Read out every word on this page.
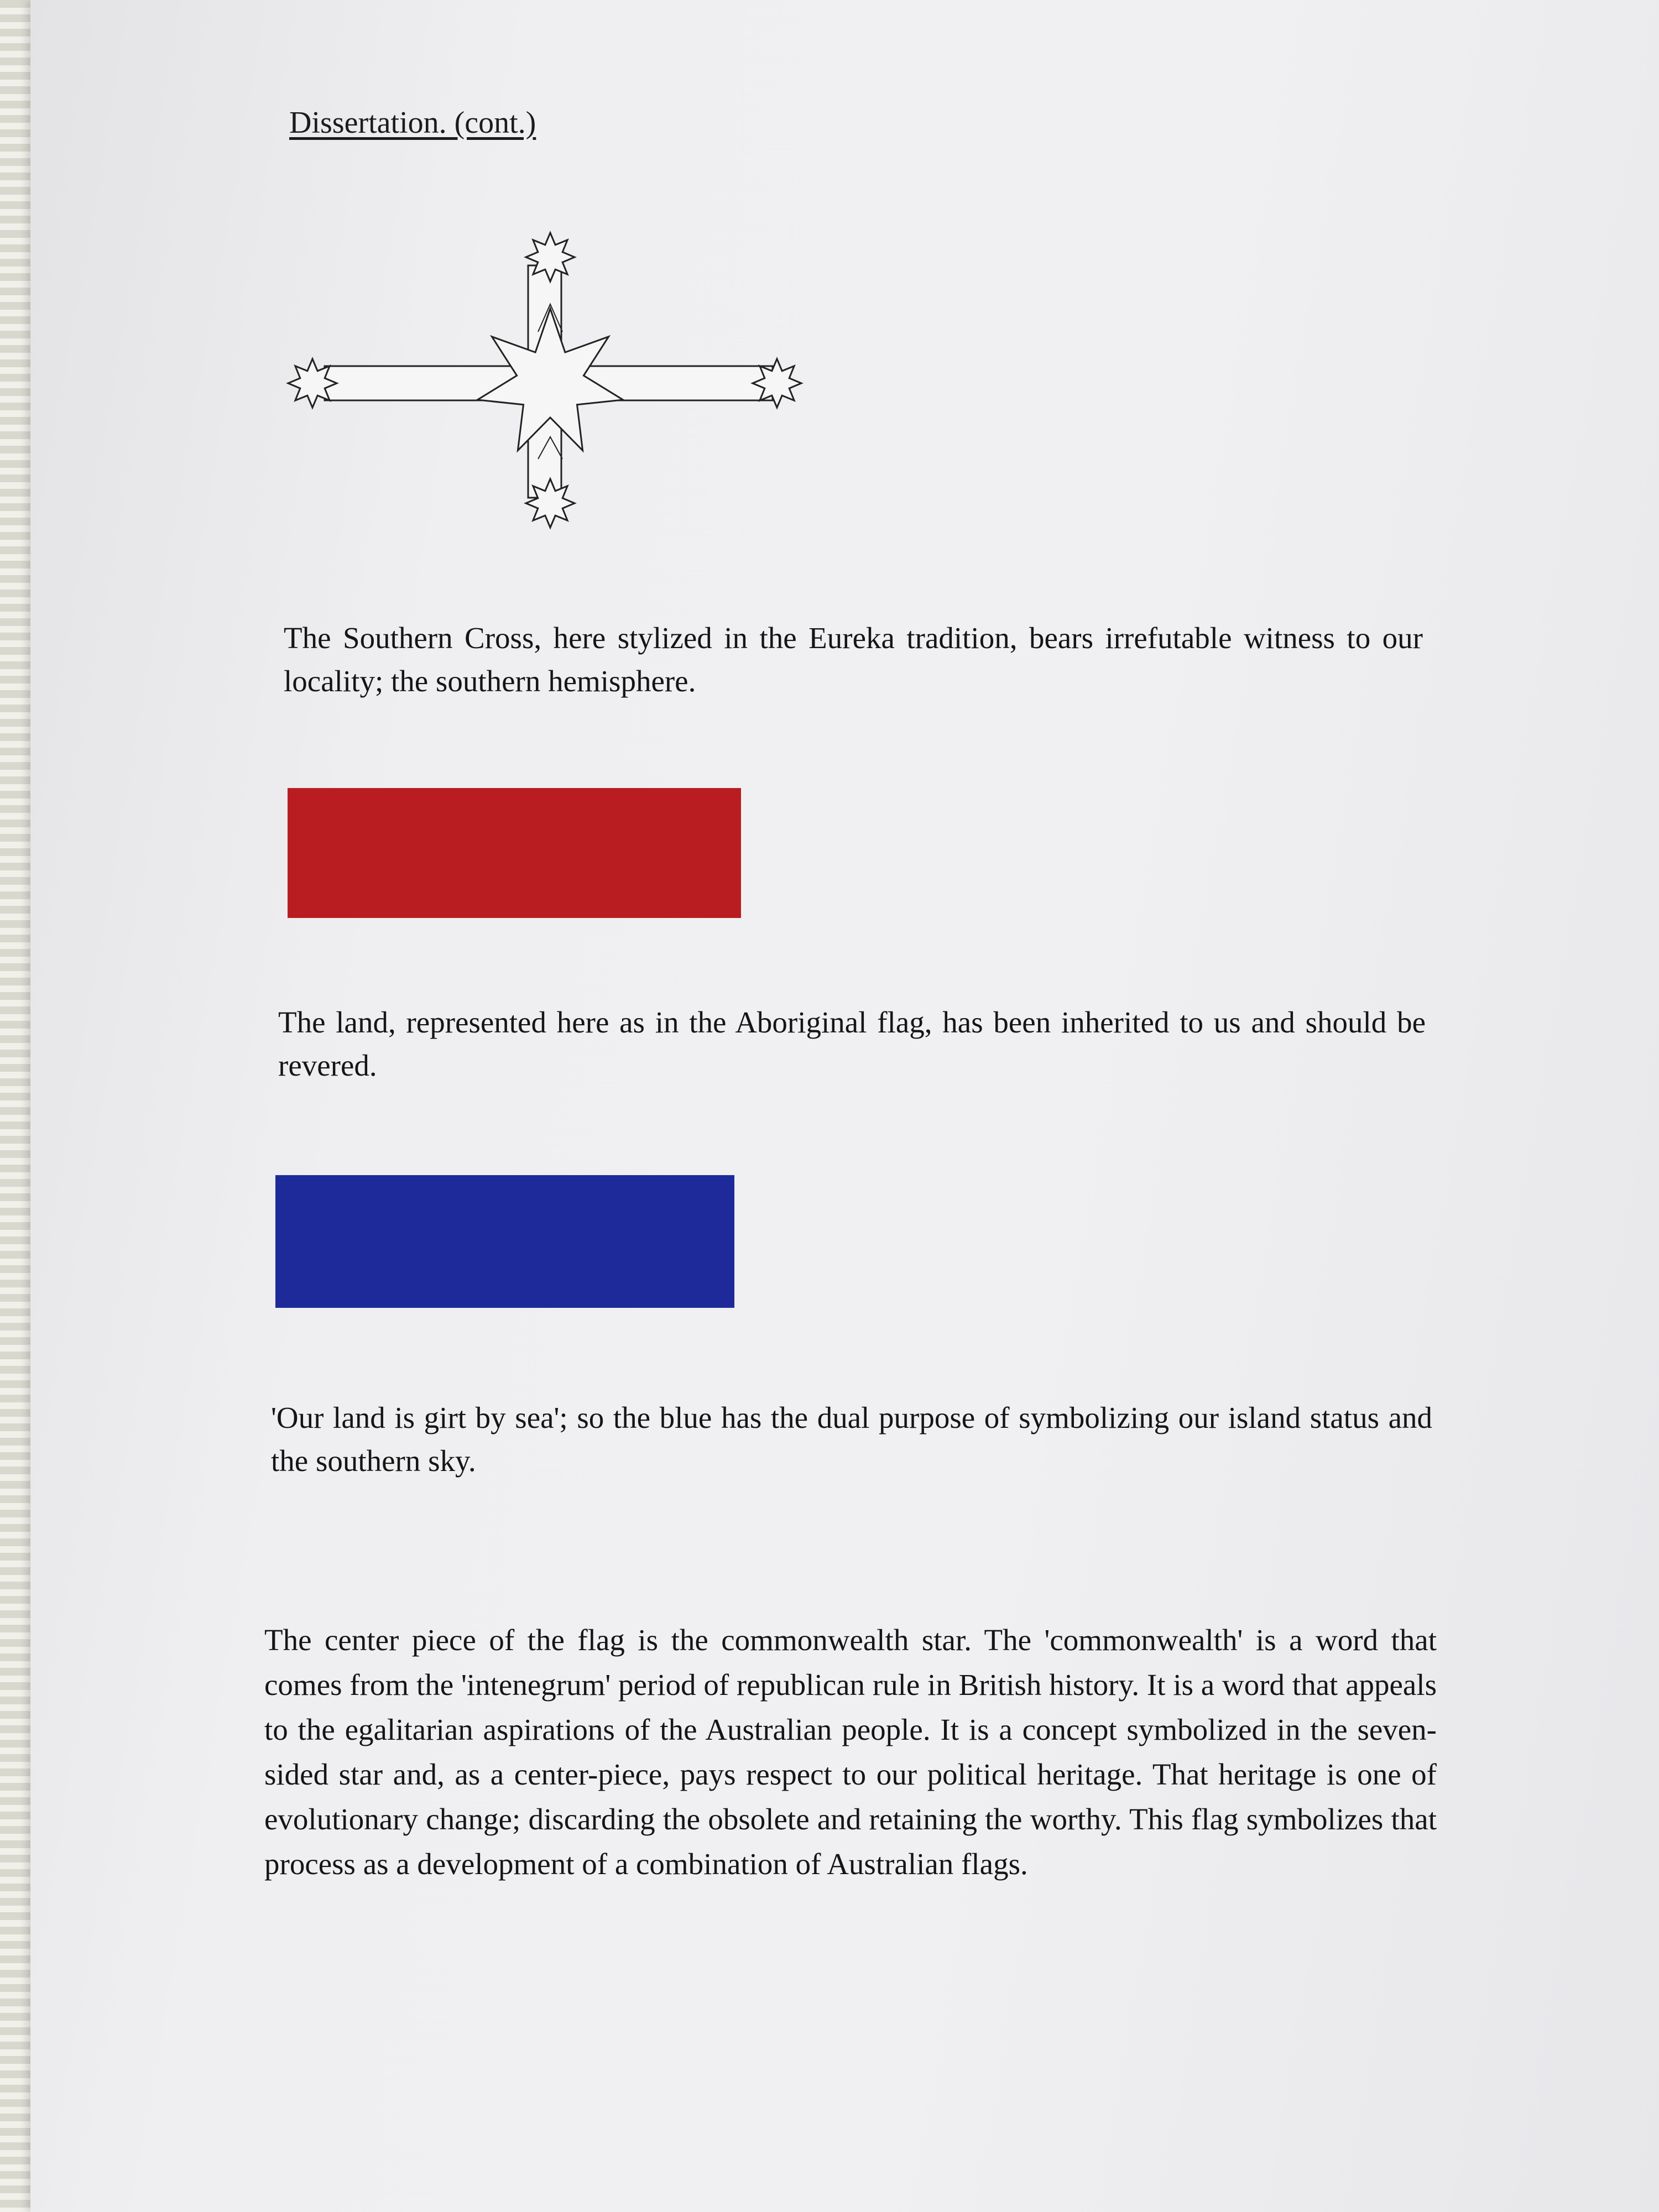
Dissertation. (cont.)

The Southern Cross, here stylized in the Eureka tradition, bears irrefutable witness to our locality; the southern hemisphere.

The land, represented here as in the Aboriginal flag, has been inherited to us and should be revered.

'Our land is girt by sea'; so the blue has the dual purpose of symbolizing our island status and the southern sky.

The center piece of the flag is the commonwealth star. The 'commonwealth' is a word that comes from the 'intenegrum' period of republican rule in British history. It is a word that appeals to the egalitarian aspirations of the Australian people. It is a concept symbolized in the seven-sided star and, as a center-piece, pays respect to our political heritage. That heritage is one of evolutionary change; discarding the obsolete and retaining the worthy. This flag symbolizes that process as a development of a combination of Australian flags.
